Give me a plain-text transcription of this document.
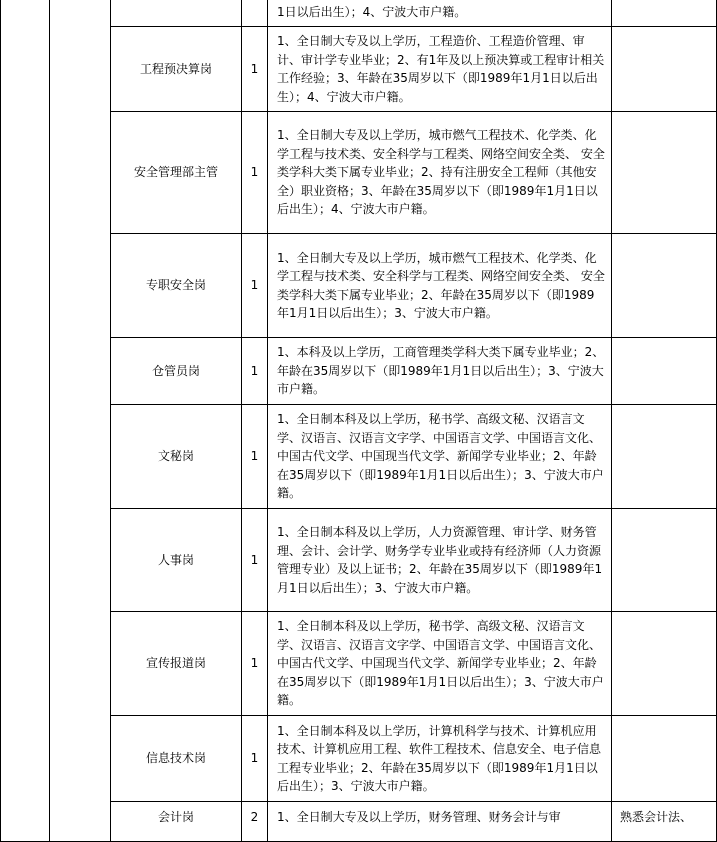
				1日以后出生）；4、宁波大市户籍。	
		工程预决算岗	1	1、全日制大专及以上学历，工程造价、工程造价管理、审计、审计学专业毕业；2、有1年及以上预决算或工程审计相关工作经验；3、年龄在35周岁以下（即1989年1月1日以后出生）；4、宁波大市户籍。	
		安全管理部主管	1	1、全日制大专及以上学历，城市燃气工程技术、化学类、化学工程与技术类、安全科学与工程类、网络空间安全类、 安全类学科大类下属专业毕业；2、持有注册安全工程师（其他安全）职业资格；3、年龄在35周岁以下（即1989年1月1日以后出生）；4、宁波大市户籍。	
		专职安全岗	1	1、全日制大专及以上学历，城市燃气工程技术、化学类、化学工程与技术类、安全科学与工程类、网络空间安全类、 安全类学科大类下属专业毕业；2、年龄在35周岁以下（即1989年1月1日以后出生）；3、宁波大市户籍。	
		仓管员岗	1	1、本科及以上学历，工商管理类学科大类下属专业毕业；2、年龄在35周岁以下（即1989年1月1日以后出生）；3、宁波大市户籍。	
		文秘岗	1	1、全日制本科及以上学历，秘书学、高级文秘、汉语言文学、汉语言、汉语言文字学、中国语言文学、中国语言文化、中国古代文学、中国现当代文学、新闻学专业毕业；2、年龄在35周岁以下（即1989年1月1日以后出生）；3、宁波大市户籍。	
		人事岗	1	1、全日制本科及以上学历，人力资源管理、审计学、财务管理、会计、会计学、财务学专业毕业或持有经济师（人力资源管理专业）及以上证书；2、年龄在35周岁以下（即1989年1月1日以后出生）；3、宁波大市户籍。	
		宣传报道岗	1	1、全日制本科及以上学历，秘书学、高级文秘、汉语言文学、汉语言、汉语言文字学、中国语言文学、中国语言文化、中国古代文学、中国现当代文学、新闻学专业毕业；2、年龄在35周岁以下（即1989年1月1日以后出生）；3、宁波大市户籍。	
		信息技术岗	1	1、全日制本科及以上学历，计算机科学与技术、计算机应用技术、计算机应用工程、软件工程技术、信息安全、电子信息工程专业毕业；2、年龄在35周岁以下（即1989年1月1日以后出生）；3、宁波大市户籍。	
		会计岗	2	1、全日制大专及以上学历，财务管理、财务会计与审	熟悉会计法、
